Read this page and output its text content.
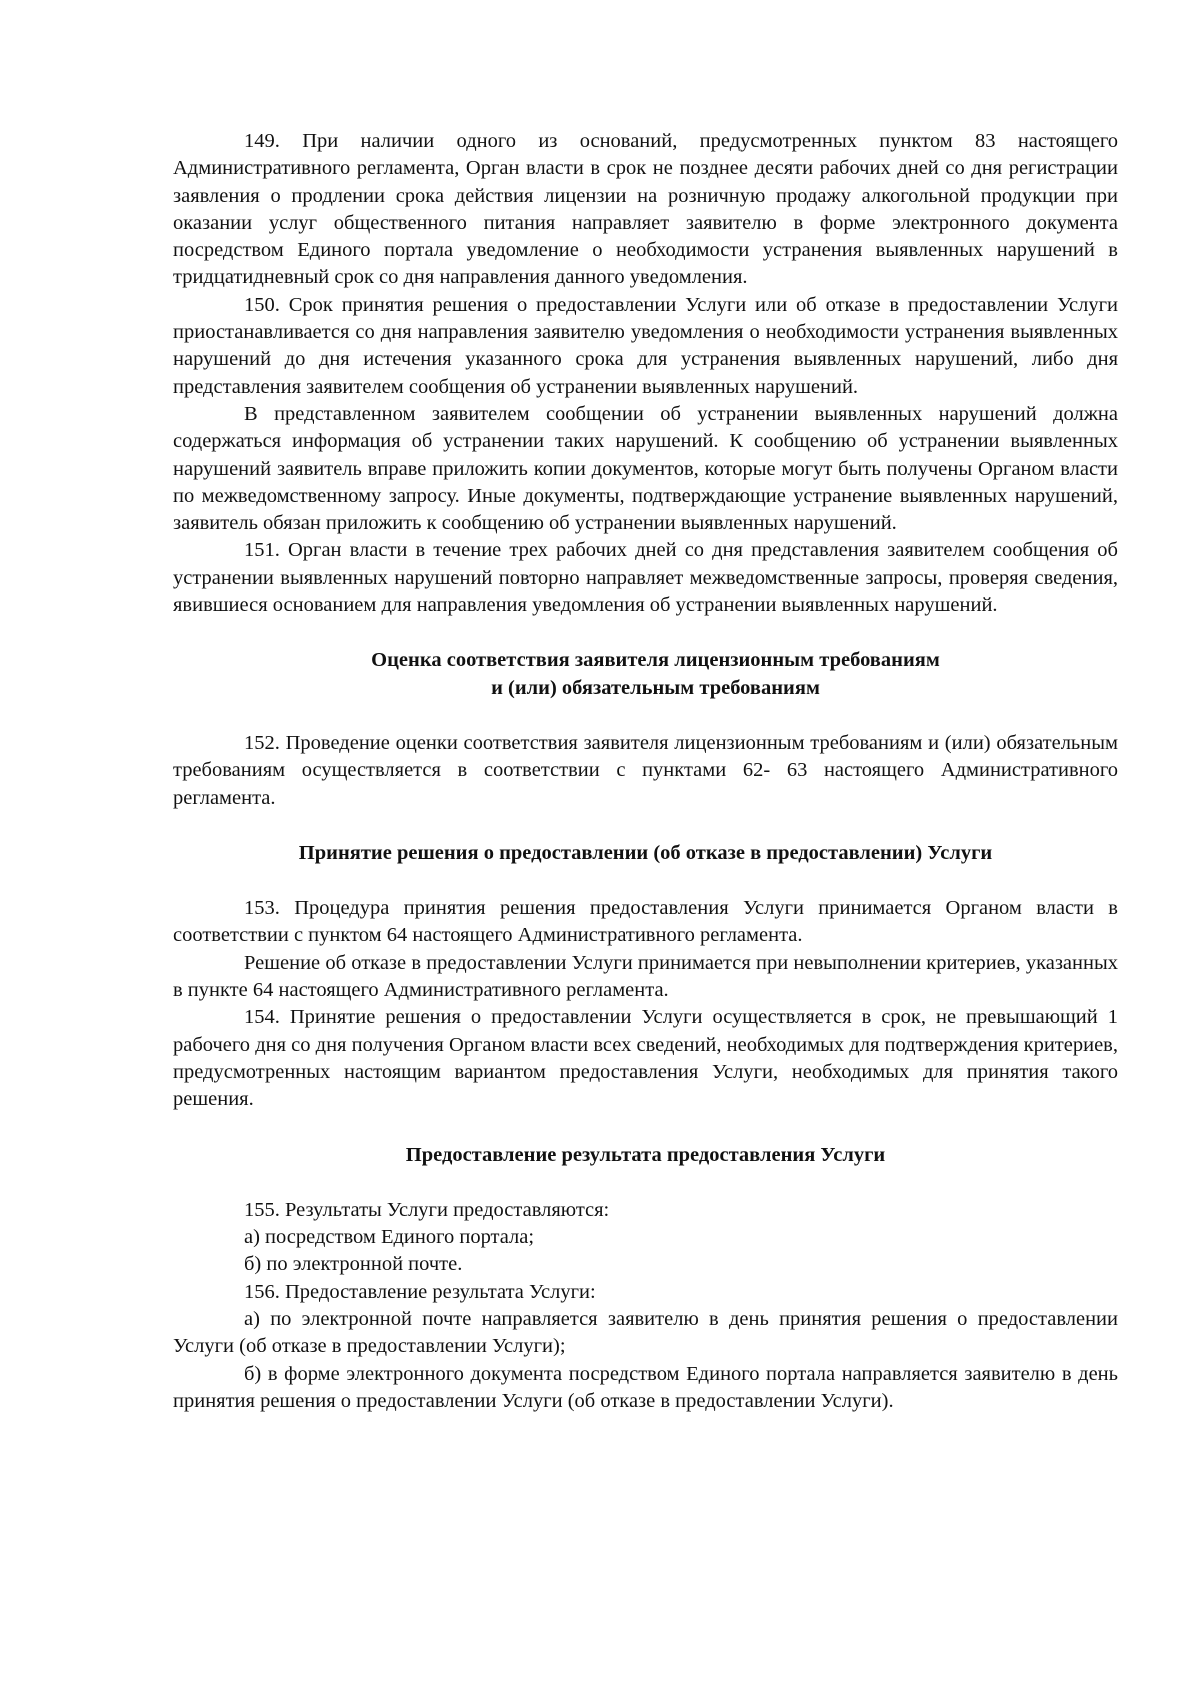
149. При наличии одного из оснований, предусмотренных пунктом 83 настоящего Административного регламента, Орган власти в срок не позднее десяти рабочих дней со дня регистрации заявления о продлении срока действия лицензии на розничную продажу алкогольной продукции при оказании услуг общественного питания направляет заявителю в форме электронного документа посредством Единого портала уведомление о необходимости устранения выявленных нарушений в тридцатидневный срок со дня направления данного уведомления.

150. Срок принятия решения о предоставлении Услуги или об отказе в предоставлении Услуги приостанавливается со дня направления заявителю уведомления о необходимости устранения выявленных нарушений до дня истечения указанного срока для устранения выявленных нарушений, либо дня представления заявителем сообщения об устранении выявленных нарушений.

В представленном заявителем сообщении об устранении выявленных нарушений должна содержаться информация об устранении таких нарушений. К сообщению об устранении выявленных нарушений заявитель вправе приложить копии документов, которые могут быть получены Органом власти по межведомственному запросу. Иные документы, подтверждающие устранение выявленных нарушений, заявитель обязан приложить к сообщению об устранении выявленных нарушений.

151. Орган власти в течение трех рабочих дней со дня представления заявителем сообщения об устранении выявленных нарушений повторно направляет межведомственные запросы, проверяя сведения, явившиеся основанием для направления уведомления об устранении выявленных нарушений.

Оценка соответствия заявителя лицензионным требованиям
и (или) обязательным требованиям

152. Проведение оценки соответствия заявителя лицензионным требованиям и (или) обязательным требованиям осуществляется в соответствии с пунктами 62- 63 настоящего Административного регламента.

Принятие решения о предоставлении (об отказе в предоставлении) Услуги

153. Процедура принятия решения предоставления Услуги принимается Органом власти в соответствии с пунктом 64 настоящего Административного регламента.

Решение об отказе в предоставлении Услуги принимается при невыполнении критериев, указанных в пункте 64 настоящего Административного регламента.

154. Принятие решения о предоставлении Услуги осуществляется в срок, не превышающий 1 рабочего дня со дня получения Органом власти всех сведений, необходимых для подтверждения критериев, предусмотренных настоящим вариантом предоставления Услуги, необходимых для принятия такого решения.

Предоставление результата предоставления Услуги

155. Результаты Услуги предоставляются:

а) посредством Единого портала;

б) по электронной почте.

156. Предоставление результата Услуги:

а) по электронной почте направляется заявителю в день принятия решения о предоставлении Услуги (об отказе в предоставлении Услуги);

б) в форме электронного документа посредством Единого портала направляется заявителю в день принятия решения о предоставлении Услуги (об отказе в предоставлении Услуги).
